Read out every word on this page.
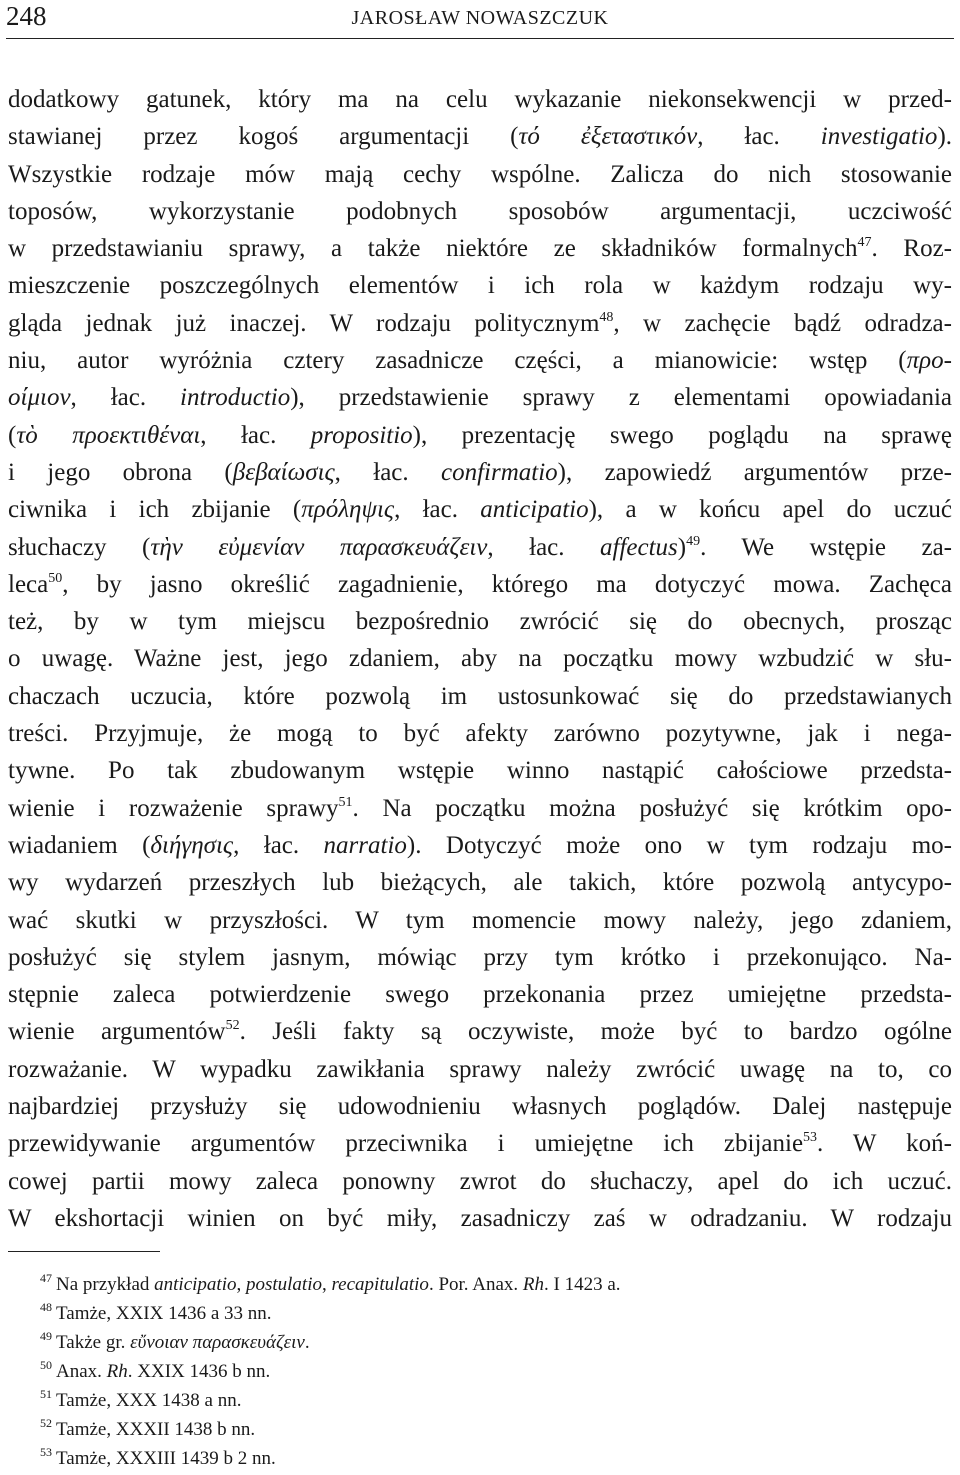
248	JAROSŁAW NOWASZCZUK
dodatkowy gatunek, który ma na celu wykazanie niekonsekwencji w przed-
stawianej przez kogoś argumentacji (τό ἐξεταστικόν, łac. investigatio).
Wszystkie rodzaje mów mają cechy wspólne. Zalicza do nich stosowanie
toposów, wykorzystanie podobnych sposobów argumentacji, uczciwość
w przedstawianiu sprawy, a także niektóre ze składników formalnych$^{47}$. Roz-
mieszczenie poszczególnych elementów i ich rola w każdym rodzaju wy-
gląda jednak już inaczej. W rodzaju politycznym$^{48}$, w zachęcie bądź odradza-
niu, autor wyróżnia cztery zasadnicze części, a mianowicie: wstęp (προ-
οίμιον, łac. introductio), przedstawienie sprawy z elementami opowiadania
(τὸ προεκτιθέναι, łac. propositio), prezentację swego poglądu na sprawę
i jego obrona (βεβαίωσις, łac. confirmatio), zapowiedź argumentów prze-
ciwnika i ich zbijanie (πρόληψις, łac. anticipatio), a w końcu apel do uczuć
słuchaczy (τὴν εὐμενίαν παρασκευάζειν, łac. affectus)$^{49}$. We wstępie za-
leca$^{50}$, by jasno określić zagadnienie, którego ma dotyczyć mowa. Zachęca
też, by w tym miejscu bezpośrednio zwrócić się do obecnych, prosząc
o uwagę. Ważne jest, jego zdaniem, aby na początku mowy wzbudzić w słu-
chaczach uczucia, które pozwolą im ustosunkować się do przedstawianych
treści. Przyjmuje, że mogą to być afekty zarówno pozytywne, jak i nega-
tywne. Po tak zbudowanym wstępie winno nastąpić całościowe przedsta-
wienie i rozważenie sprawy$^{51}$. Na początku można posłużyć się krótkim opo-
wiadaniem (διήγησις, łac. narratio). Dotyczyć może ono w tym rodzaju mo-
wy wydarzeń przeszłych lub bieżących, ale takich, które pozwolą antycypo-
wać skutki w przyszłości. W tym momencie mowy należy, jego zdaniem,
posłużyć się stylem jasnym, mówiąc przy tym krótko i przekonująco. Na-
stępnie zaleca potwierdzenie swego przekonania przez umiejętne przedsta-
wienie argumentów$^{52}$. Jeśli fakty są oczywiste, może być to bardzo ogólne
rozważanie. W wypadku zawikłania sprawy należy zwrócić uwagę na to, co
najbardziej przysłuży się udowodnieniu własnych poglądów. Dalej następuje
przewidywanie argumentów przeciwnika i umiejętne ich zbijanie$^{53}$. W koń-
cowej partii mowy zaleca ponowny zwrot do słuchaczy, apel do ich uczuć.
W ekshortacji winien on być miły, zasadniczy zaś w odradzaniu. W rodzaju
$^{47}$ Na przykład anticipatio, postulatio, recapitulatio. Por. Anax. Rh. I 1423 a.
$^{48}$ Tamże, XXIX 1436 a 33 nn.
$^{49}$ Także gr. εὔνοιαν παρασκευάζειν.
$^{50}$ Anax. Rh. XXIX 1436 b nn.
$^{51}$ Tamże, XXX 1438 a nn.
$^{52}$ Tamże, XXXII 1438 b nn.
$^{53}$ Tamże, XXXIII 1439 b 2 nn.
